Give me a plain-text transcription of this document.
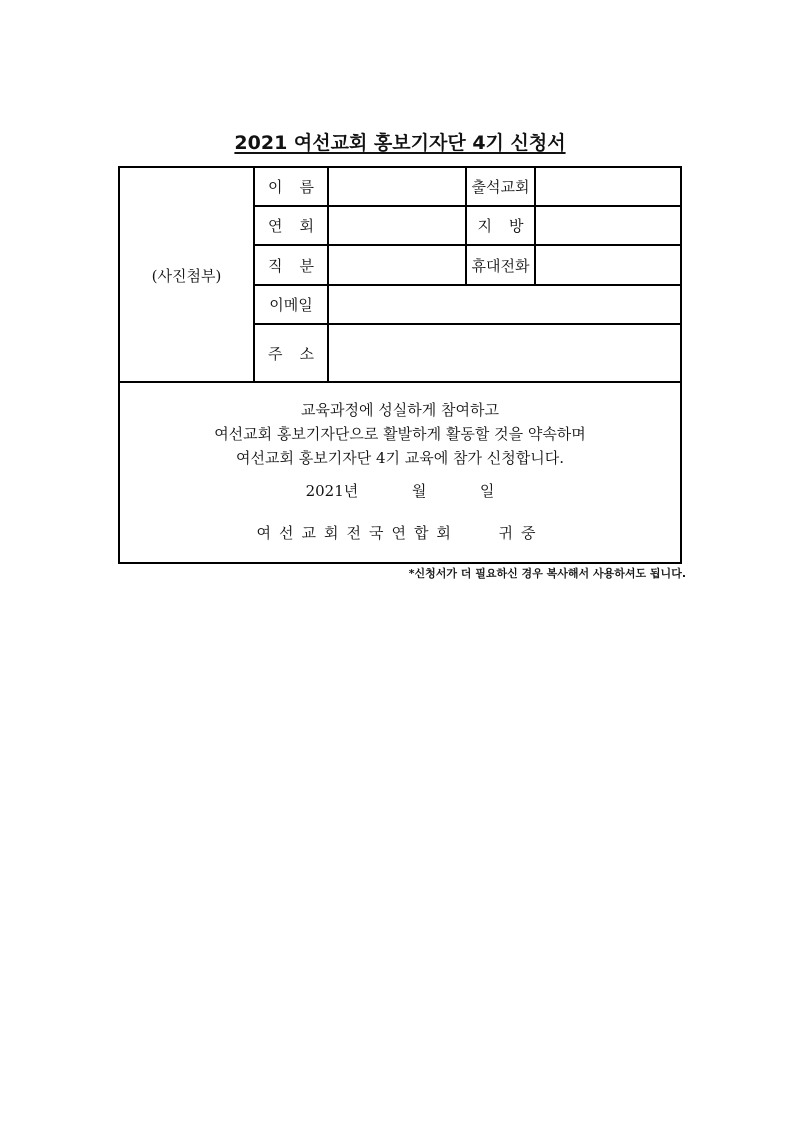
2021 여선교회 홍보기자단 4기 신청서
(사진첨부)
이 름	출석교회
연 회	지 방
직 분	휴대전화
이메일
주 소
교육과정에 성실하게 참여하고
여선교회 홍보기자단으로 활발하게 활동할 것을 약속하며
여선교회 홍보기자단 4기 교육에 참가 신청합니다.
2021년	월	일
여선교회전국연합회	귀중
*신청서가 더 필요하신 경우 복사해서 사용하셔도 됩니다.
